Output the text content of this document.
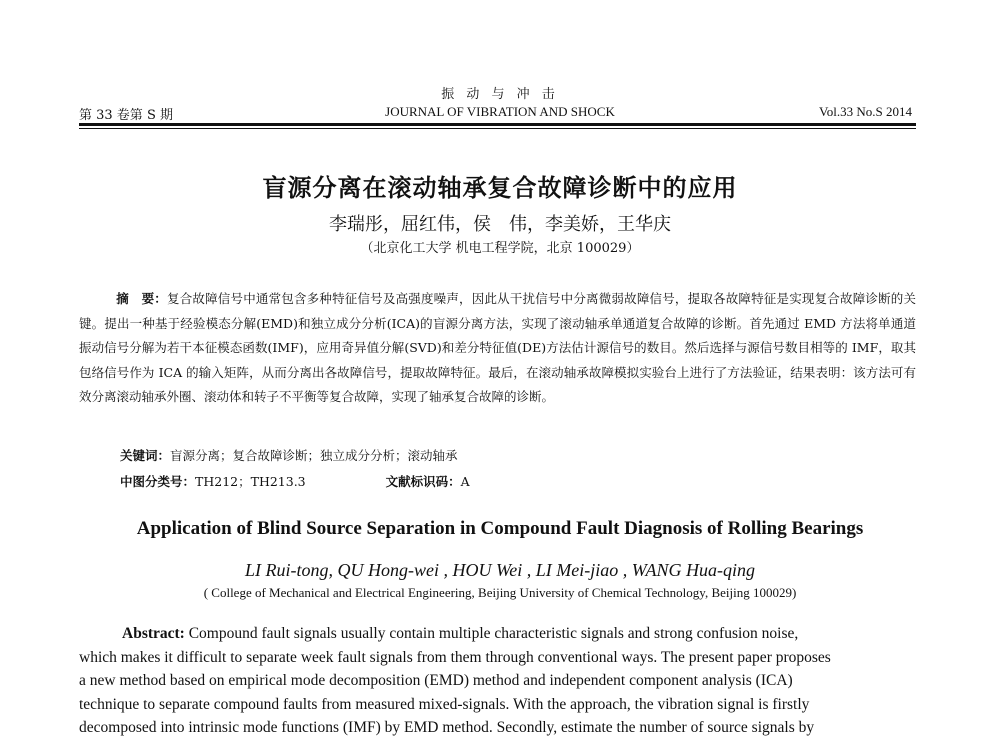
振 动 与 冲 击
第 33 卷第 S 期	JOURNAL OF VIBRATION AND SHOCK	Vol.33 No.S 2014
盲源分离在滚动轴承复合故障诊断中的应用
李瑞彤，屈红伟，侯　伟，李美娇，王华庆
（北京化工大学 机电工程学院，北京 100029）
摘　要：复合故障信号中通常包含多种特征信号及高强度噪声，因此从干扰信号中分离微弱故障信号，提取各故障特征是实现复合故障诊断的关键。提出一种基于经验模态分解(EMD)和独立成分分析(ICA)的盲源分离方法，实现了滚动轴承单通道复合故障的诊断。首先通过 EMD 方法将单通道振动信号分解为若干本征模态函数(IMF)，应用奇异值分解(SVD)和差分特征值(DE)方法估计源信号的数目。然后选择与源信号数目相等的 IMF，取其包络信号作为 ICA 的输入矩阵，从而分离出各故障信号，提取故障特征。最后，在滚动轴承故障模拟实验台上进行了方法验证，结果表明：该方法可有效分离滚动轴承外圈、滚动体和转子不平衡等复合故障，实现了轴承复合故障的诊断。
关键词：盲源分离；复合故障诊断；独立成分分析；滚动轴承
中图分类号：TH212；TH213.3	文献标识码：A
Application of Blind Source Separation in Compound Fault Diagnosis of Rolling Bearings
LI Rui-tong, QU Hong-wei , HOU Wei , LI Mei-jiao , WANG Hua-qing
( College of Mechanical and Electrical Engineering, Beijing University of Chemical Technology, Beijing 100029)
Abstract: Compound fault signals usually contain multiple characteristic signals and strong confusion noise,
which makes it difficult to separate week fault signals from them through conventional ways. The present paper proposes
a new method based on empirical mode decomposition (EMD) method and independent component analysis (ICA)
technique to separate compound faults from measured mixed-signals. With the approach, the vibration signal is firstly
decomposed into intrinsic mode functions (IMF) by EMD method. Secondly, estimate the number of source signals by
